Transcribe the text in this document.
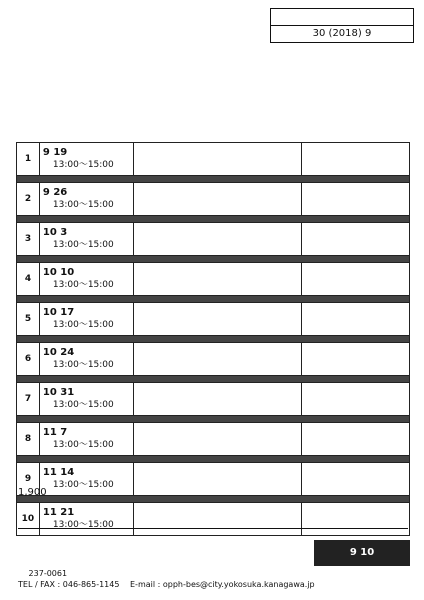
30 (2018) 9
1	9 19
13:00〜15:00		

2	9 26
13:00〜15:00		

3	10 3
13:00〜15:00		

4	10 10
13:00〜15:00		

5	10 17
13:00〜15:00		

6	10 24
13:00〜15:00		

7	10 31
13:00〜15:00		

8	11 7
13:00〜15:00		

9	11 14
13:00〜15:00		

10	11 21
13:00〜15:00		

1,900
9 10
237-0061
TEL / FAX : 046-865-1145 E-mail : opph-bes@city.yokosuka.kanagawa.jp
